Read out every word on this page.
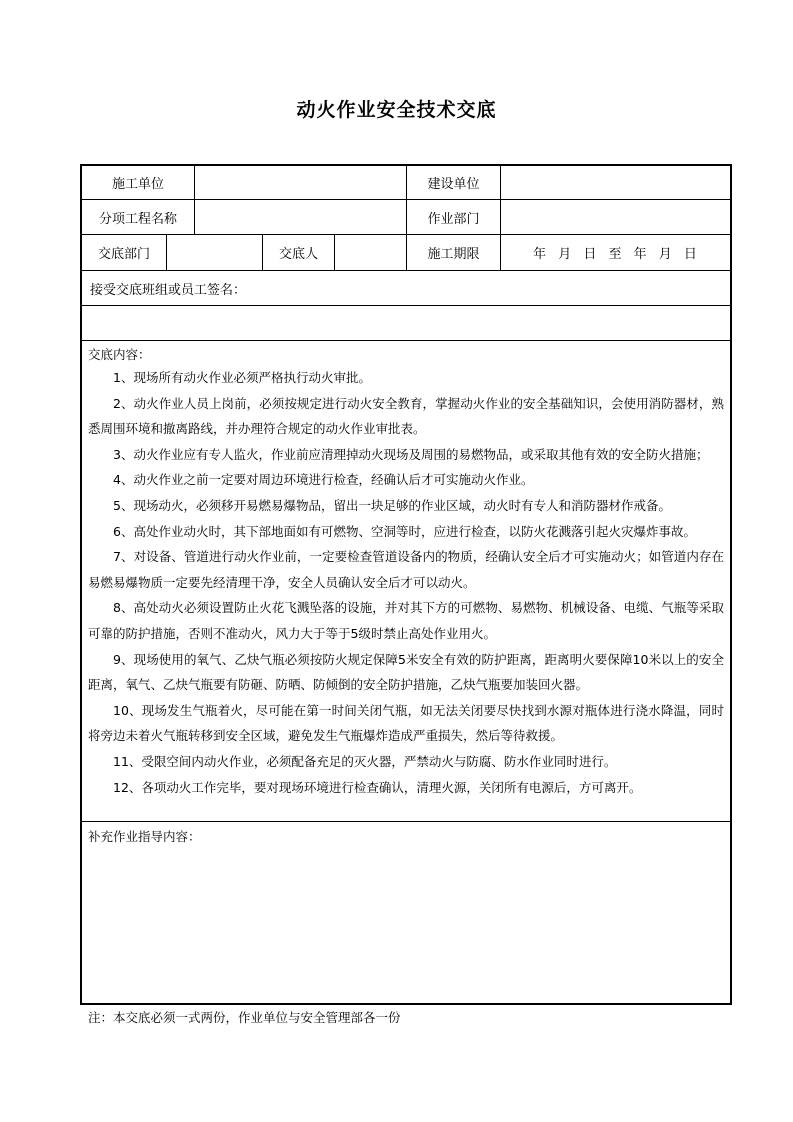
动火作业安全技术交底
施工单位	建设单位
分项工程名称	作业部门
交底部门	交底人	施工期限	年 月 日 至 年 月 日
接受交底班组或员工签名：
交底内容：

1、现场所有动火作业必须严格执行动火审批。

2、动火作业人员上岗前，必须按规定进行动火安全教育，掌握动火作业的安全基础知识，会使用消防器材，熟悉周围环境和撤离路线，并办理符合规定的动火作业审批表。

3、动火作业应有专人监火，作业前应清理掉动火现场及周围的易燃物品，或采取其他有效的安全防火措施；

4、动火作业之前一定要对周边环境进行检查，经确认后才可实施动火作业。

5、现场动火，必须移开易燃易爆物品，留出一块足够的作业区域，动火时有专人和消防器材作戒备。

6、高处作业动火时，其下部地面如有可燃物、空洞等时，应进行检查，以防火花溅落引起火灾爆炸事故。

7、对设备、管道进行动火作业前，一定要检查管道设备内的物质，经确认安全后才可实施动火；如管道内存在易燃易爆物质一定要先经清理干净，安全人员确认安全后才可以动火。

8、高处动火必须设置防止火花飞溅坠落的设施，并对其下方的可燃物、易燃物、机械设备、电缆、气瓶等采取可靠的防护措施，否则不准动火，风力大于等于5级时禁止高处作业用火。

9、现场使用的氧气、乙炔气瓶必须按防火规定保障5米安全有效的防护距离，距离明火要保障10米以上的安全距离，氧气、乙炔气瓶要有防砸、防晒、防倾倒的安全防护措施，乙炔气瓶要加装回火器。

10、现场发生气瓶着火，尽可能在第一时间关闭气瓶，如无法关闭要尽快找到水源对瓶体进行浇水降温，同时将旁边未着火气瓶转移到安全区域，避免发生气瓶爆炸造成严重损失，然后等待救援。

11、受限空间内动火作业，必须配备充足的灭火器，严禁动火与防腐、防水作业同时进行。

12、各项动火工作完毕，要对现场环境进行检查确认，清理火源，关闭所有电源后，方可离开。

补充作业指导内容：
注：本交底必须一式两份，作业单位与安全管理部各一份
